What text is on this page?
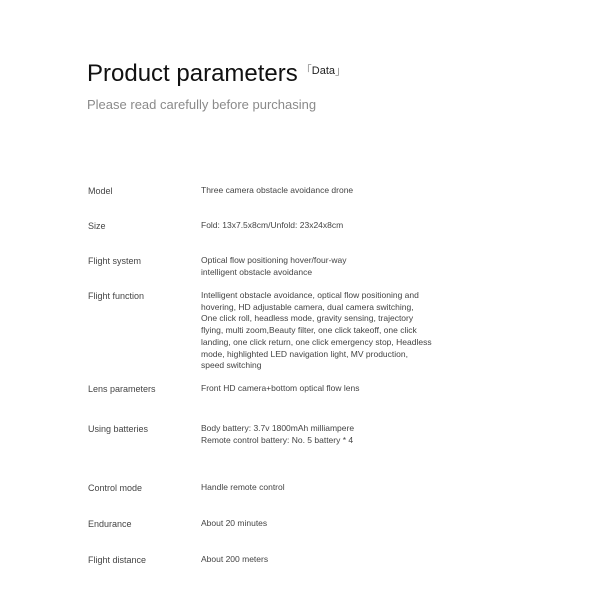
Product parameters $^{「Data」}$
Please read carefully before purchasing
Model	Three camera obstacle avoidance drone
Size	Fold: 13x7.5x8cm/Unfold: 23x24x8cm
Flight system	Optical flow positioning hover/four-way
intelligent obstacle avoidance
Flight function	Intelligent obstacle avoidance, optical flow positioning and
hovering, HD adjustable camera, dual camera switching,
One click roll, headless mode, gravity sensing, trajectory
flying, multi zoom,Beauty filter, one click takeoff, one click
landing, one click return, one click emergency stop, Headless
mode, highlighted LED navigation light, MV production,
speed switching
Lens parameters	Front HD camera+bottom optical flow lens
Using batteries	Body battery: 3.7v 1800mAh milliampere
Remote control battery: No. 5 battery * 4
Control mode	Handle remote control
Endurance	About 20 minutes
Flight distance	About 200 meters
